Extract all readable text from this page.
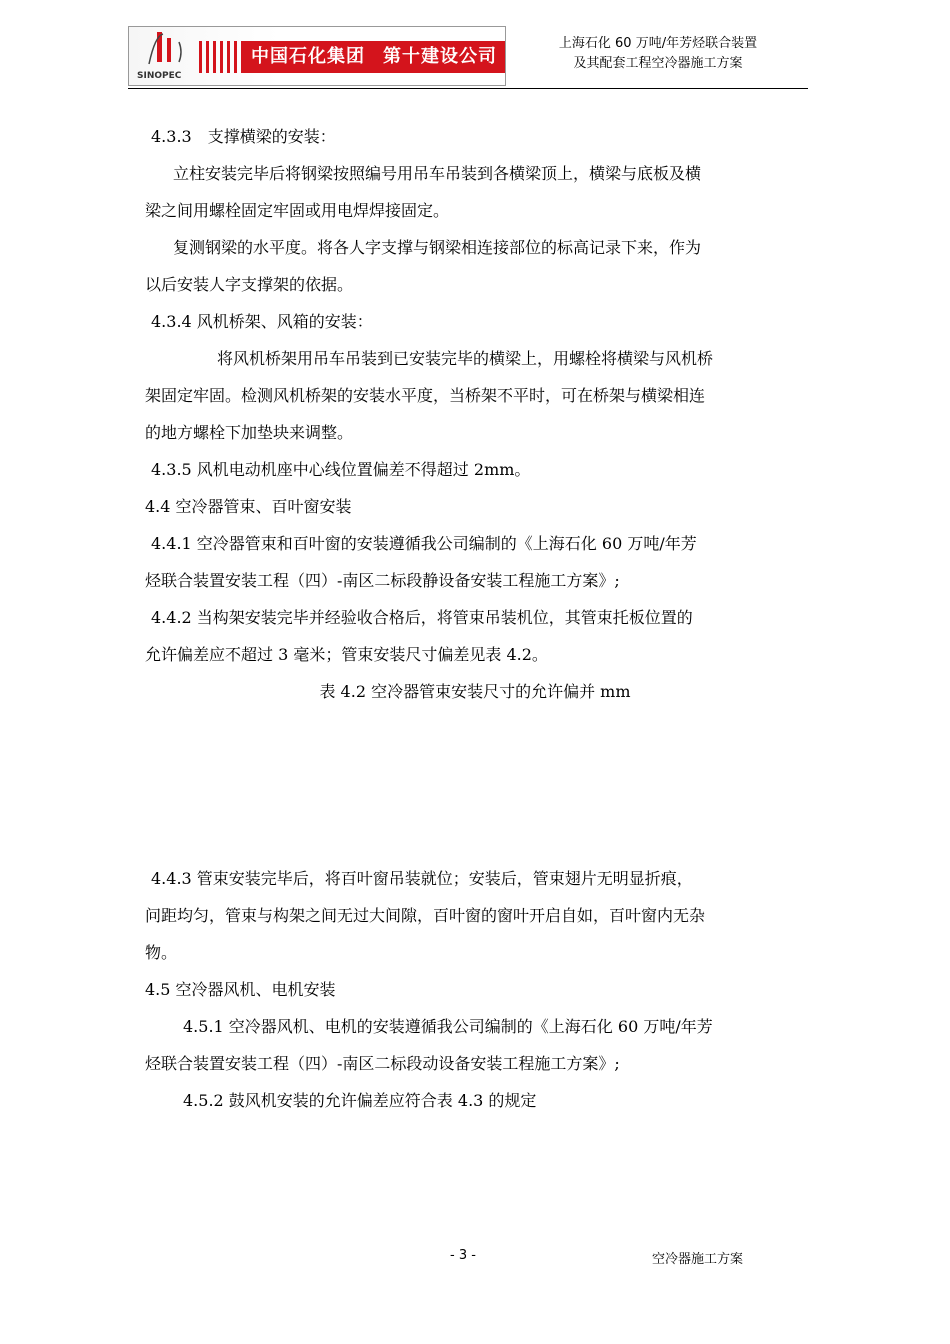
SINOPEC
中国石化集团 第十建设公司
上海石化 60 万吨/年芳烃联合装置
及其配套工程空冷器施工方案

4.3.3　支撑横梁的安装：

立柱安装完毕后将钢梁按照编号用吊车吊装到各横梁顶上，横梁与底板及横

梁之间用螺栓固定牢固或用电焊焊接固定。

复测钢梁的水平度。将各人字支撑与钢梁相连接部位的标高记录下来，作为

以后安装人字支撑架的依据。

4.3.4 风机桥架、风箱的安装：

将风机桥架用吊车吊装到已安装完毕的横梁上，用螺栓将横梁与风机桥

架固定牢固。检测风机桥架的安装水平度，当桥架不平时，可在桥架与横梁相连

的地方螺栓下加垫块来调整。

4.3.5 风机电动机座中心线位置偏差不得超过 2mm。

4.4 空冷器管束、百叶窗安装

4.4.1 空冷器管束和百叶窗的安装遵循我公司编制的《上海石化 60 万吨/年芳

烃联合装置安装工程（四）-南区二标段静设备安装工程施工方案》;

4.4.2 当构架安装完毕并经验收合格后，将管束吊装机位，其管束托板位置的

允许偏差应不超过 3 毫米；管束安装尺寸偏差见表 4.2。

表 4.2 空冷器管束安装尺寸的允许偏并 mm

4.4.3 管束安装完毕后，将百叶窗吊装就位；安装后，管束翅片无明显折痕，

问距均匀，管束与构架之间无过大间隙，百叶窗的窗叶开启自如，百叶窗内无杂

物。

4.5 空冷器风机、电机安装

4.5.1 空冷器风机、电机的安装遵循我公司编制的《上海石化 60 万吨/年芳

烃联合装置安装工程（四）-南区二标段动设备安装工程施工方案》;

4.5.2 鼓风机安装的允许偏差应符合表 4.3 的规定

- 3 -	空冷器施工方案
